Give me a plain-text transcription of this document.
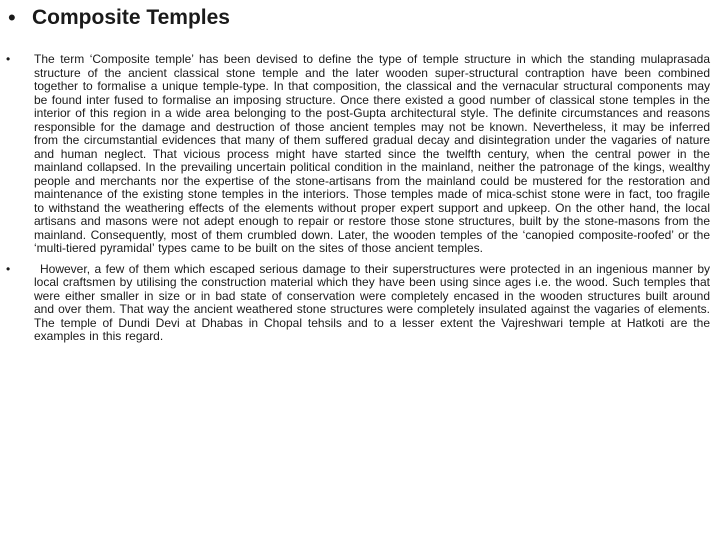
• Composite Temples
•	The term ‘Composite temple’ has been devised to define the type of temple structure in which the standing mulaprasada structure of the ancient classical stone temple and the later wooden super-structural contraption have been combined together to formalise a unique temple-type. In that composition, the classical and the vernacular structural components may be found inter fused to formalise an imposing structure. Once there existed a good number of classical stone temples in the interior of this region in a wide area belonging to the post-Gupta architectural style. The definite circumstances and reasons responsible for the damage and destruction of those ancient temples may not be known. Nevertheless, it may be inferred from the circumstantial evidences that many of them suffered gradual decay and disintegration under the vagaries of nature and human neglect. That vicious process might have started since the twelfth century, when the central power in the mainland collapsed. In the prevailing uncertain political condition in the mainland, neither the patronage of the kings, wealthy people and merchants nor the expertise of the stone-artisans from the mainland could be mustered for the restoration and maintenance of the existing stone temples in the interiors. Those temples made of mica-schist stone were in fact, too fragile to withstand the weathering effects of the elements without proper expert support and upkeep. On the other hand, the local artisans and masons were not adept enough to repair or restore those stone structures, built by the stone-masons from the mainland. Consequently, most of them crumbled down. Later, the wooden temples of the ‘canopied composite-roofed’ or the ‘multi-tiered pyramidal’ types came to be built on the sites of those ancient temples.

•	However, a few of them which escaped serious damage to their superstructures were protected in an ingenious manner by local craftsmen by utilising the construction material which they have been using since ages i.e. the wood. Such temples that were either smaller in size or in bad state of conservation were completely encased in the wooden structures built around and over them. That way the ancient weathered stone structures were completely insulated against the vagaries of elements. The temple of Dundi Devi at Dhabas in Chopal tehsils and to a lesser extent the Vajreshwari temple at Hatkoti are the examples in this regard.
